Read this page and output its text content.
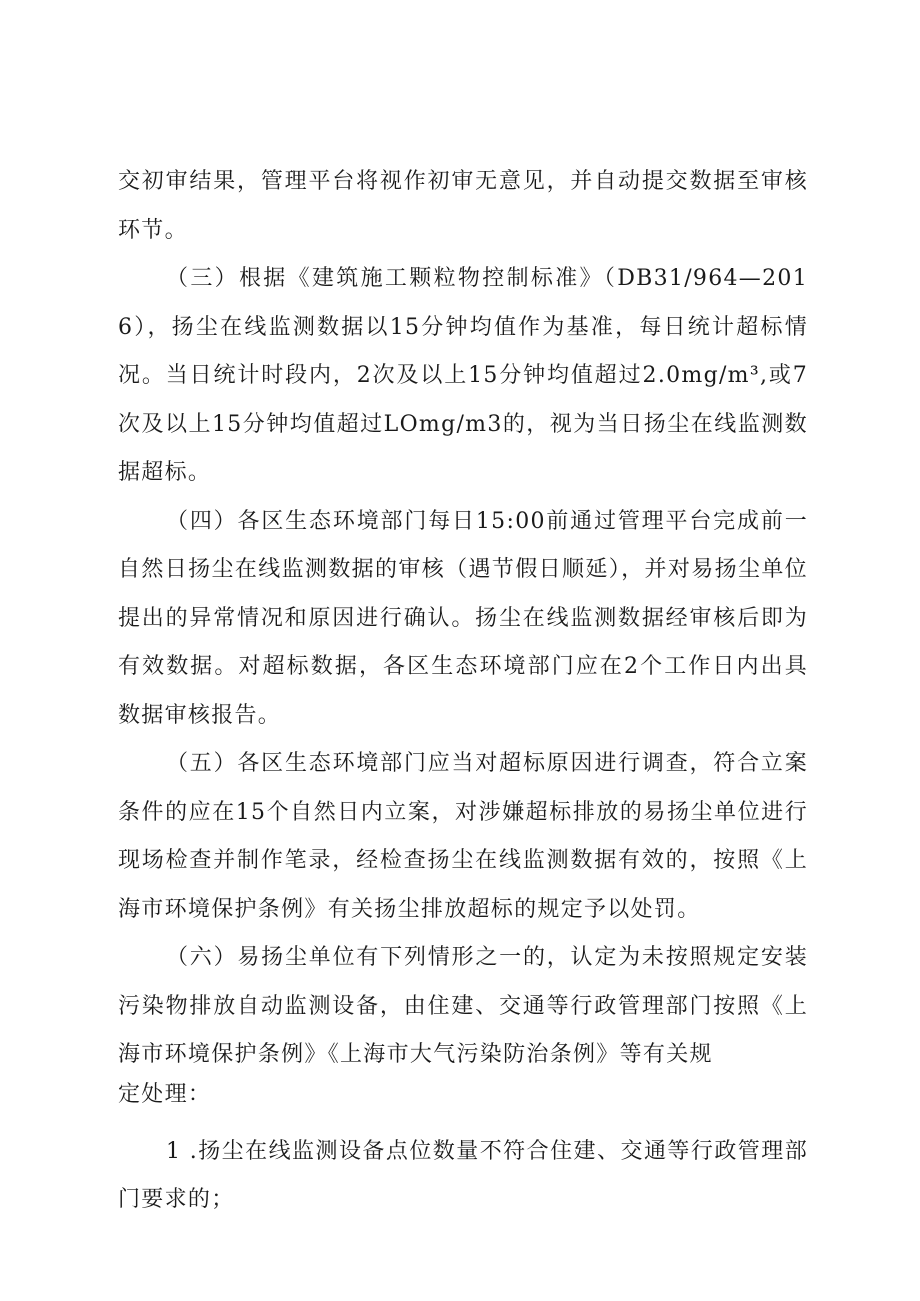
交初审结果，管理平台将视作初审无意见，并自动提交数据至审核环节。

（三）根据《建筑施工颗粒物控制标准》（DB31/964—2016），扬尘在线监测数据以15分钟均值作为基准，每日统计超标情况。当日统计时段内，2次及以上15分钟均值超过2.0mg/m³,或7次及以上15分钟均值超过LOmg/m3的，视为当日扬尘在线监测数据超标。

（四）各区生态环境部门每日15:00前通过管理平台完成前一自然日扬尘在线监测数据的审核（遇节假日顺延），并对易扬尘单位提出的异常情况和原因进行确认。扬尘在线监测数据经审核后即为有效数据。对超标数据，各区生态环境部门应在2个工作日内出具数据审核报告。

（五）各区生态环境部门应当对超标原因进行调查，符合立案条件的应在15个自然日内立案，对涉嫌超标排放的易扬尘单位进行现场检查并制作笔录，经检查扬尘在线监测数据有效的，按照《上海市环境保护条例》有关扬尘排放超标的规定予以处罚。

（六）易扬尘单位有下列情形之一的，认定为未按照规定安装污染物排放自动监测设备，由住建、交通等行政管理部门按照《上海市环境保护条例》《上海市大气污染防治条例》等有关规

定处理：

1 .扬尘在线监测设备点位数量不符合住建、交通等行政管理部门要求的；
